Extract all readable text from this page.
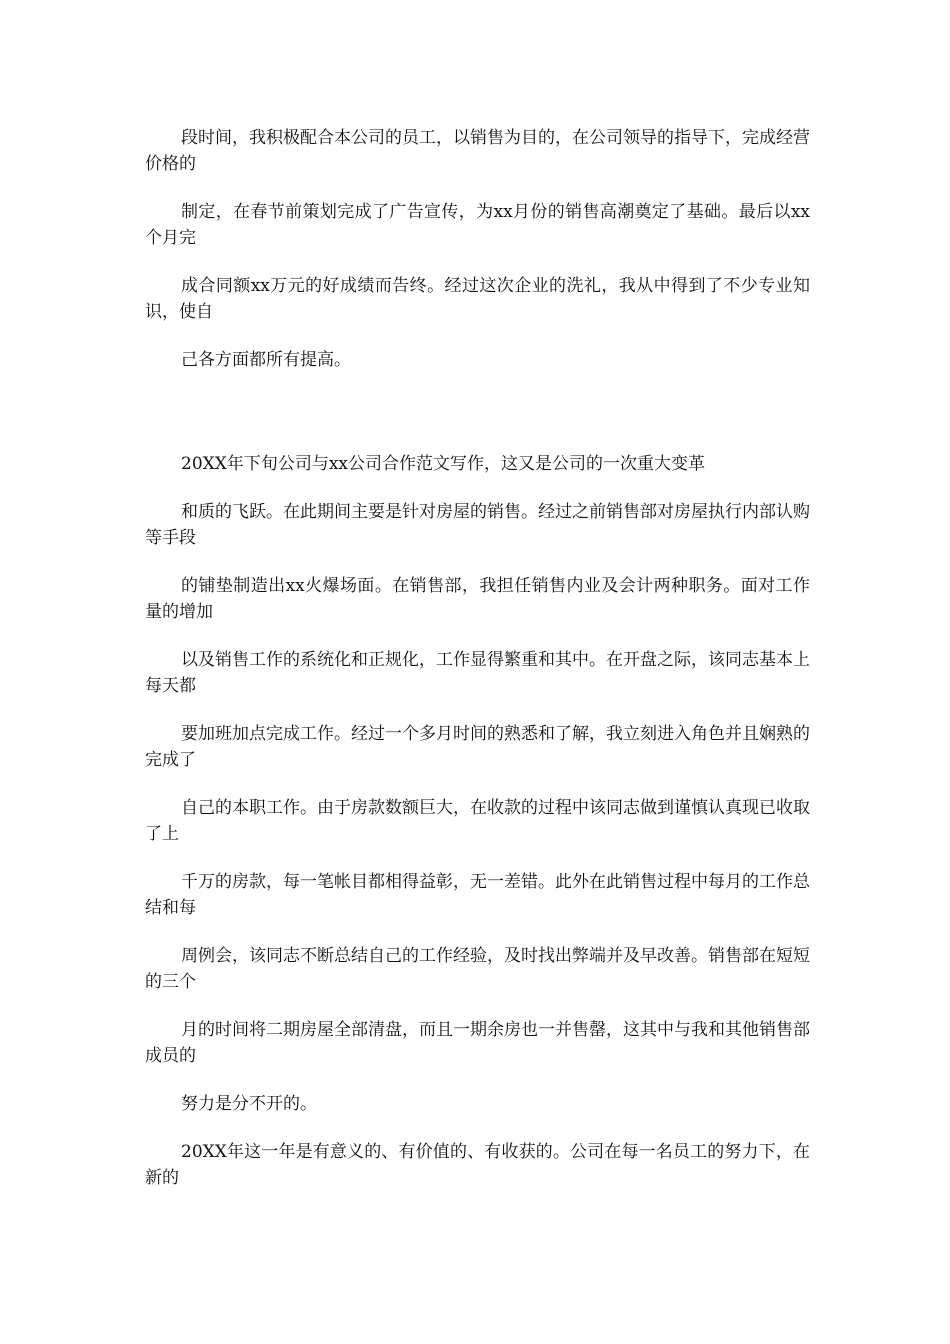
段时间，我积极配合本公司的员工，以销售为目的，在公司领导的指导下，完成经营价格的

制定，在春节前策划完成了广告宣传，为xx月份的销售高潮奠定了基础。最后以xx个月完

成合同额xx万元的好成绩而告终。经过这次企业的洗礼，我从中得到了不少专业知识，使自

己各方面都所有提高。

20XX年下旬公司与xx公司合作范文写作，这又是公司的一次重大变革

和质的飞跃。在此期间主要是针对房屋的销售。经过之前销售部对房屋执行内部认购等手段

的铺垫制造出xx火爆场面。在销售部，我担任销售内业及会计两种职务。面对工作量的增加

以及销售工作的系统化和正规化，工作显得繁重和其中。在开盘之际，该同志基本上每天都

要加班加点完成工作。经过一个多月时间的熟悉和了解，我立刻进入角色并且娴熟的完成了

自己的本职工作。由于房款数额巨大，在收款的过程中该同志做到谨慎认真现已收取了上

千万的房款，每一笔帐目都相得益彰，无一差错。此外在此销售过程中每月的工作总结和每

周例会，该同志不断总结自己的工作经验，及时找出弊端并及早改善。销售部在短短的三个

月的时间将二期房屋全部清盘，而且一期余房也一并售罄，这其中与我和其他销售部成员的

努力是分不开的。

20XX年这一年是有意义的、有价值的、有收获的。公司在每一名员工的努力下，在新的
